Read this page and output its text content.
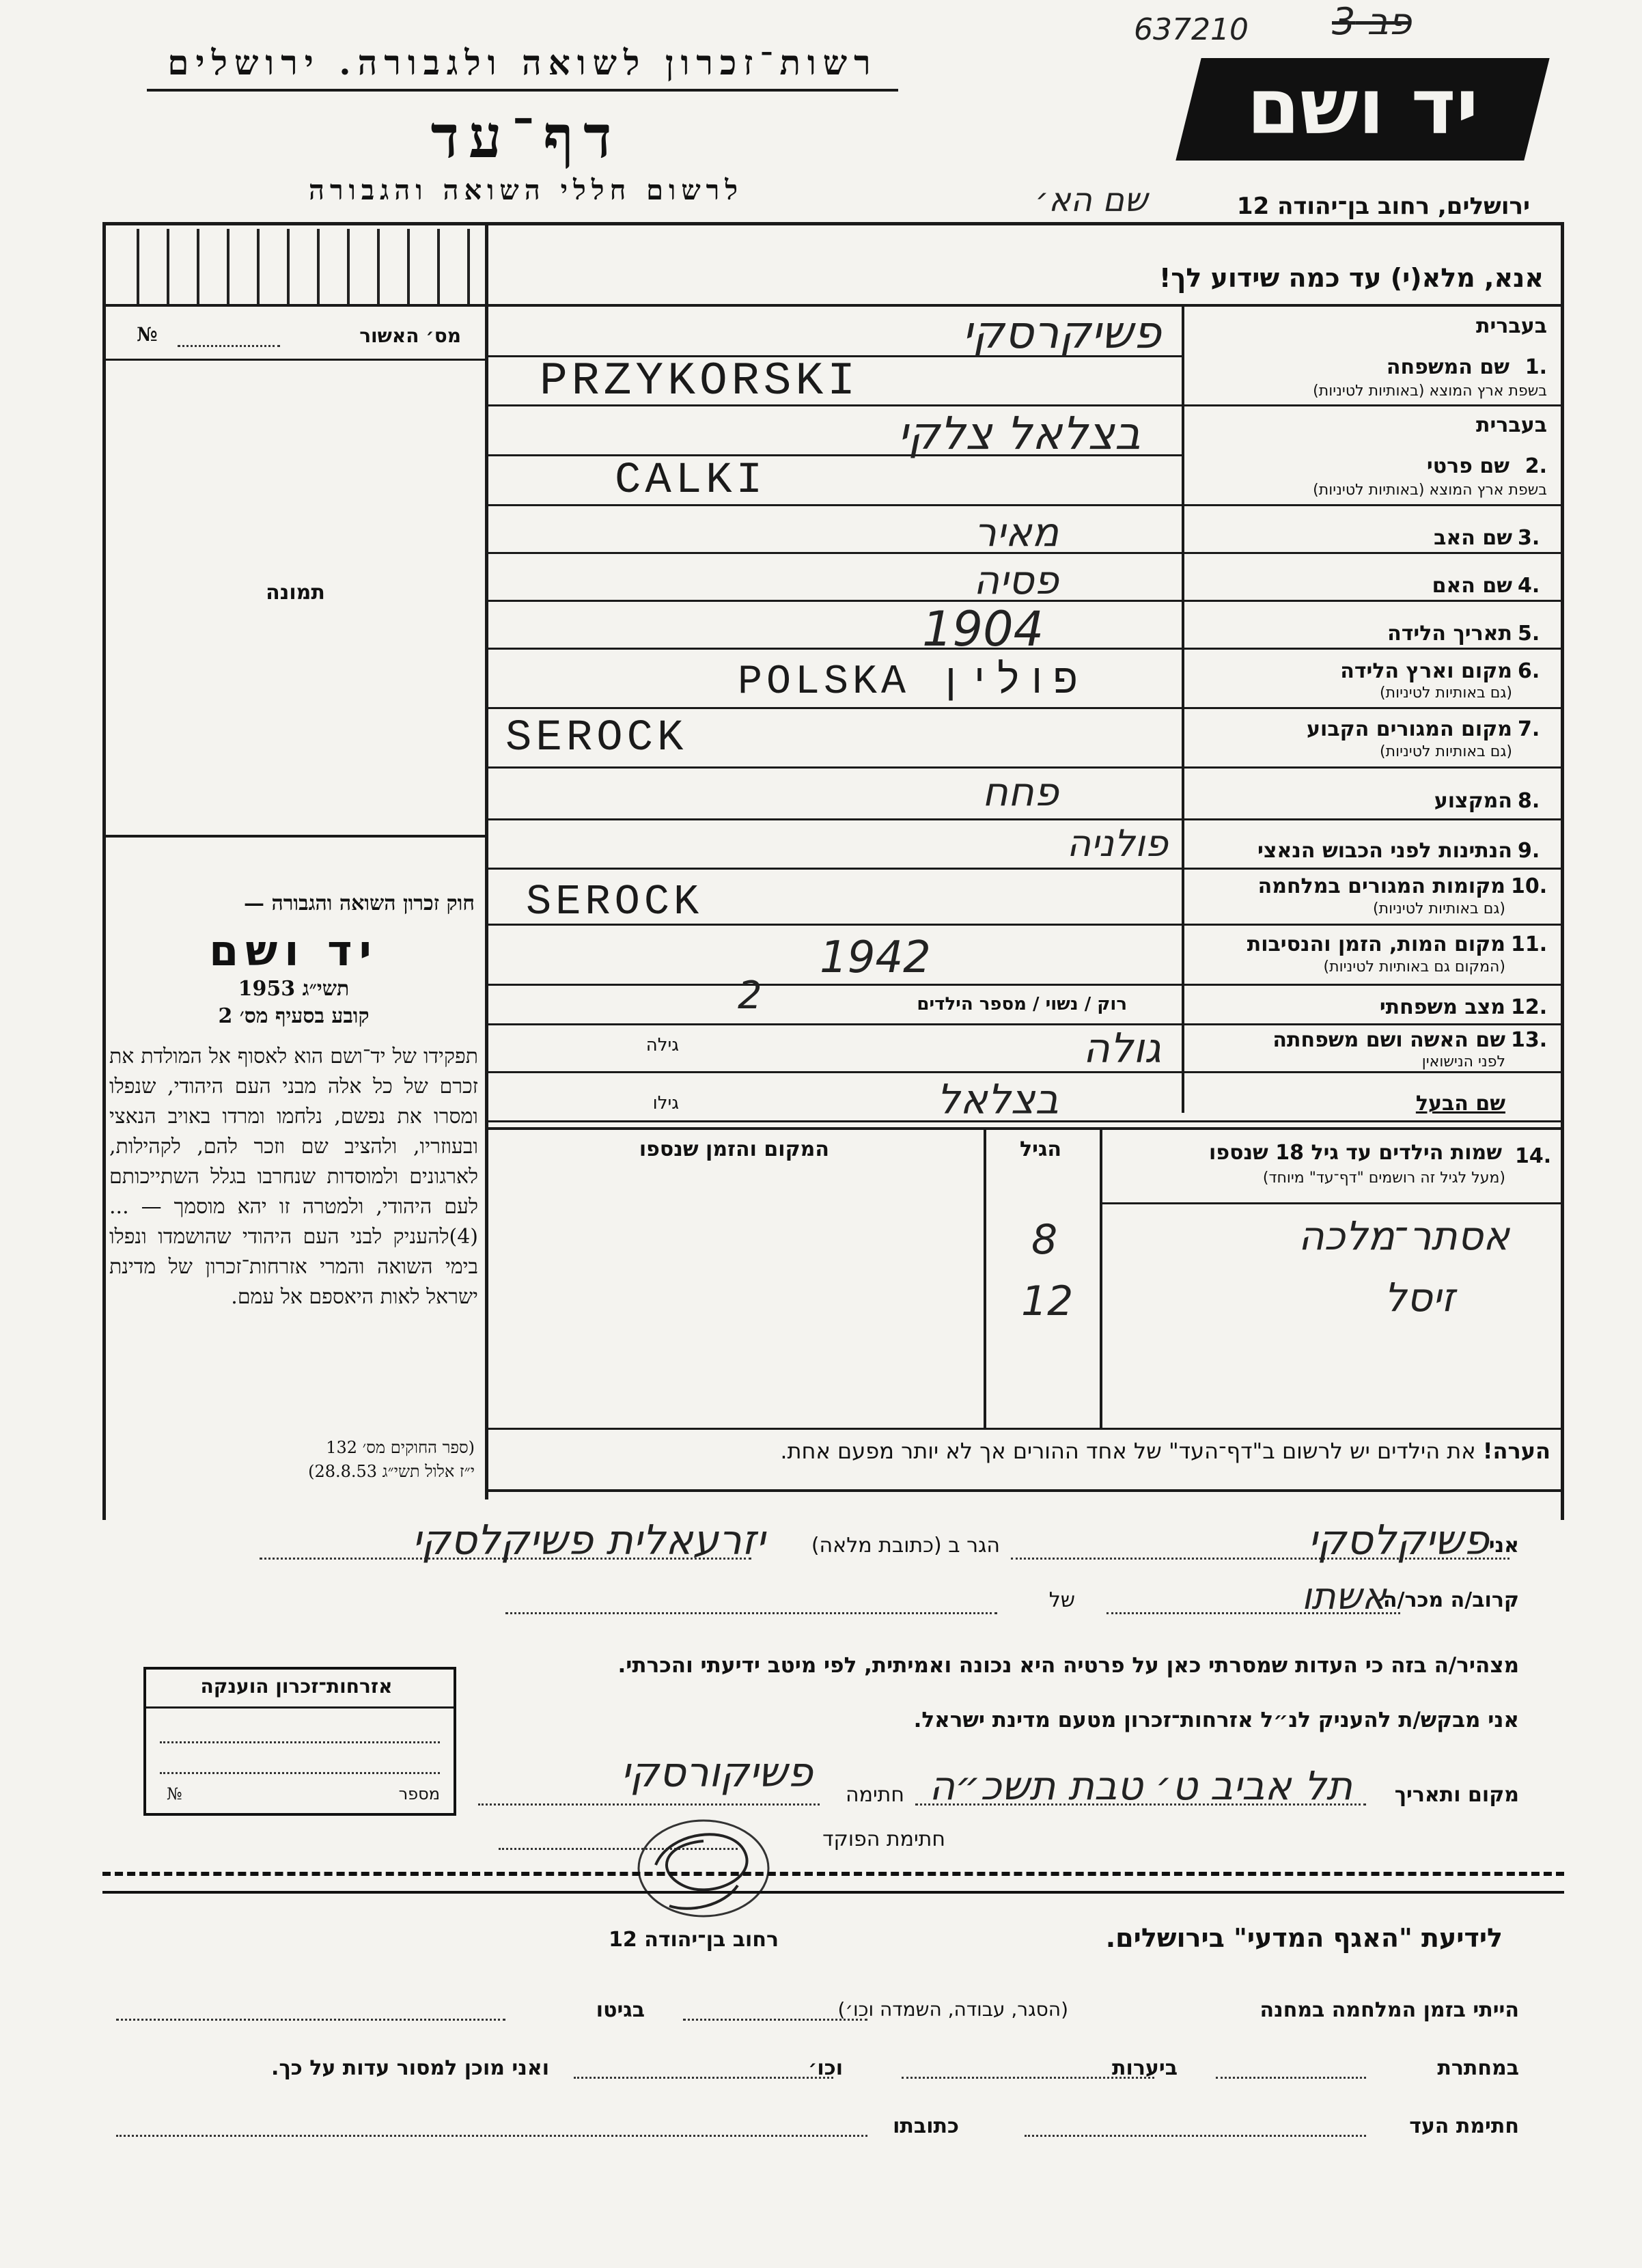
637210 פב 3
רשות־זכרון לשואה ולגבורה. ירושלים
דף־עד
לרשום חללי השואה והגבורה
יד ושם
ירושלים, רחוב בן־יהודה 12
שם הא׳
אנא, מלא(י) עד כמה שידוע לך!
מס׳ האשור
№
תמונה
חוק זכרון השואה והגבורה —
יד ושם
תשי״ג 1953
קובע בסעיף מס׳ 2
תפקידו של יד־ושם הוא לאסוף אל המולדת את זכרם של כל אלה מבני העם היהודי, שנפלו ומסרו את נפשם, נלחמו ומרדו באויב הנאצי ובעוזריו, ולהציב שם וזכר להם, לקהילות, לארגונים ולמוסדות שנחרבו בגלל השתייכותם לעם היהודי, ולמטרה זו יהא מוסמך — ...(4)להעניק לבני העם היהודי שהושמדו ונפלו בימי השואה והמרי אזרחות־זכרון של מדינת ישראל לאות היאספם אל עמם.
(ספר החוקים מס׳ 132
י״ז אלול תשי״ג 28.8.53)
בעברית
1.
שם המשפחה
בשפת ארץ המוצא (באותיות לטיניות)
בעברית
2.
שם פרטי
בשפת ארץ המוצא (באותיות לטיניות)
3.
שם האב
4.
שם האם
5.
תאריך הלידה
6.
מקום וארץ הלידה
(גם באותיות לטיניות)
7.
מקום המגורים הקבוע
(גם באותיות לטיניות)
8.
המקצוע
9.
הנתינות לפני הכבוש הנאצי
10.
מקומות המגורים במלחמה
(גם באותיות לטיניות)
11.
מקום המות, הזמן והנסיבות
(המקום גם באותיות לטיניות)
12.
מצב משפחתי
13.
שם האשה ושם משפחתה
לפני הנישואין
גילה
שם הבעל
גילו
פשיקרסקי
PRZYKORSKI
בצלאל צלקי
CALKI
מאיר
פסיה
1904
POLSKA פולין
SEROCK
פחח
פולניה
SEROCK
1942
רוק / נשוי / מספר הילדים
2
גולה
בצלאל
14.
שמות הילדים עד גיל 18 שנספו
(מעל לגיל זה רושמים "דף־עד" מיוחד)
הגיל
המקום והזמן שנספו
אסתר־מלכה
8
זיסל
12
הערה! את הילדים יש לרשום ב"דף־העד" של אחד ההורים אך לא יותר מפעם אחת.
אני
פשיקלסקי
הגר ב (כתובת מלאה)
יזרעאלית פשיקלסקי
קרוב/ה מכר/ה
אשתו
של
מצהיר/ה בזה כי העדות שמסרתי כאן על פרטיה היא נכונה ואמיתית, לפי מיטב ידיעתי והכרתי.
אני מבקש/ת להעניק לנ״ל אזרחות־זכרון מטעם מדינת ישראל.
מקום ותאריך
תל אביב ט׳ טבת תשכ״ה
חתימה
פשיקורסקי
חתימת הפוקד
אזרחות־זכרון הוענקה
מספר
№
לידיעת "האגף המדעי" בירושלים.
רחוב בן־יהודה 12
הייתי בזמן המלחמה במחנה
(הסגר, עבודה, השמדה וכו׳)
בגיטו
במחתרת
ביערות
וכו׳
ואני מוכן למסור עדות על כך.
חתימת העד
כתובתו
